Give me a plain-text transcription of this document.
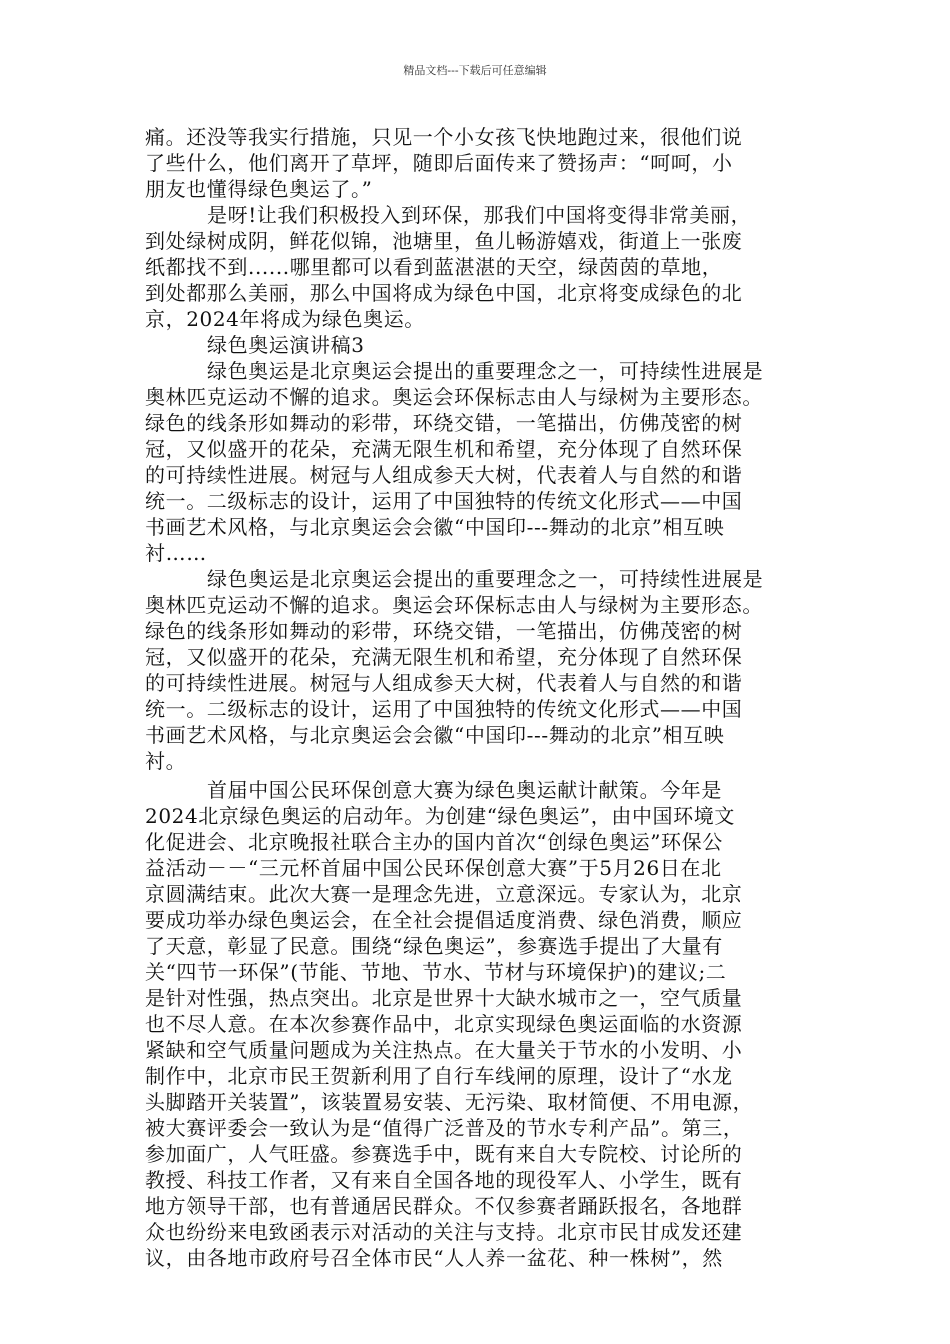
精品文档---下载后可任意编辑
痛。还没等我实行措施，只见一个小女孩飞快地跑过来，很他们说
了些什么，他们离开了草坪，随即后面传来了赞扬声：“呵呵，小
朋友也懂得绿色奥运了。”
是呀!让我们积极投入到环保，那我们中国将变得非常美丽，
到处绿树成阴，鲜花似锦，池塘里，鱼儿畅游嬉戏，街道上一张废
纸都找不到......哪里都可以看到蓝湛湛的天空，绿茵茵的草地，
到处都那么美丽，那么中国将成为绿色中国，北京将变成绿色的北
京，2024年将成为绿色奥运。
绿色奥运演讲稿3
绿色奥运是北京奥运会提出的重要理念之一，可持续性进展是
奥林匹克运动不懈的追求。奥运会环保标志由人与绿树为主要形态。
绿色的线条形如舞动的彩带，环绕交错，一笔描出，仿佛茂密的树
冠，又似盛开的花朵，充满无限生机和希望，充分体现了自然环保
的可持续性进展。树冠与人组成参天大树，代表着人与自然的和谐
统一。二级标志的设计，运用了中国独特的传统文化形式——中国
书画艺术风格，与北京奥运会会徽“中国印---舞动的北京”相互映
衬……
绿色奥运是北京奥运会提出的重要理念之一，可持续性进展是
奥林匹克运动不懈的追求。奥运会环保标志由人与绿树为主要形态。
绿色的线条形如舞动的彩带，环绕交错，一笔描出，仿佛茂密的树
冠，又似盛开的花朵，充满无限生机和希望，充分体现了自然环保
的可持续性进展。树冠与人组成参天大树，代表着人与自然的和谐
统一。二级标志的设计，运用了中国独特的传统文化形式——中国
书画艺术风格，与北京奥运会会徽“中国印---舞动的北京”相互映
衬。
首届中国公民环保创意大赛为绿色奥运献计献策。今年是
2024北京绿色奥运的启动年。为创建“绿色奥运”，由中国环境文
化促进会、北京晚报社联合主办的国内首次“创绿色奥运”环保公
益活动－－“三元杯首届中国公民环保创意大赛”于5月26日在北
京圆满结束。此次大赛一是理念先进，立意深远。专家认为，北京
要成功举办绿色奥运会，在全社会提倡适度消费、绿色消费，顺应
了天意，彰显了民意。围绕“绿色奥运”，参赛选手提出了大量有
关“四节一环保”(节能、节地、节水、节材与环境保护)的建议;二
是针对性强，热点突出。北京是世界十大缺水城市之一，空气质量
也不尽人意。在本次参赛作品中，北京实现绿色奥运面临的水资源
紧缺和空气质量问题成为关注热点。在大量关于节水的小发明、小
制作中，北京市民王贺新利用了自行车线闸的原理，设计了“水龙
头脚踏开关装置”，该装置易安装、无污染、取材简便、不用电源，
被大赛评委会一致认为是“值得广泛普及的节水专利产品”。第三，
参加面广，人气旺盛。参赛选手中，既有来自大专院校、讨论所的
教授、科技工作者，又有来自全国各地的现役军人、小学生，既有
地方领导干部，也有普通居民群众。不仅参赛者踊跃报名，各地群
众也纷纷来电致函表示对活动的关注与支持。北京市民甘成发还建
议，由各地市政府号召全体市民“人人养一盆花、种一株树”，然
